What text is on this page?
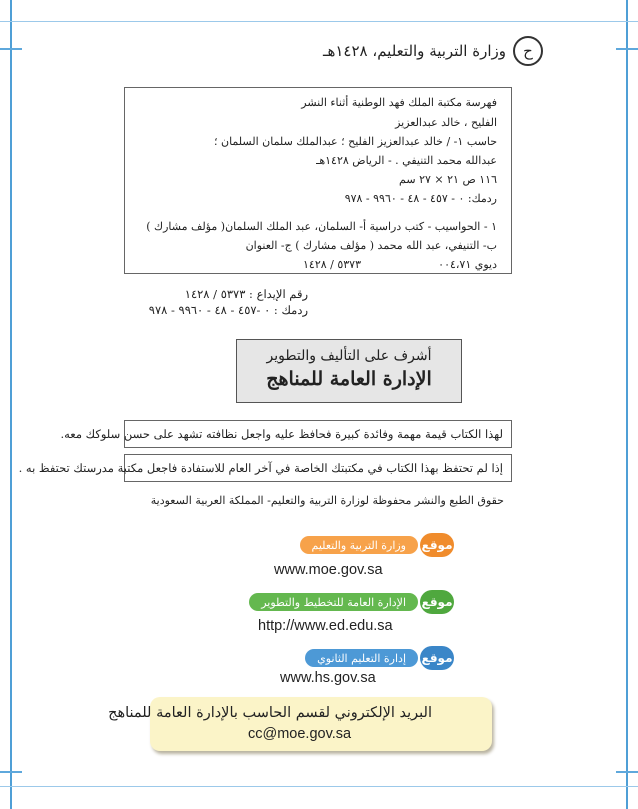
وزارة التربية والتعليم، ١٤٢٨هـ	ح
فهرسة مكتبة الملك فهد الوطنية أثناء النشر
الفليح ، خالد عبدالعزيز
حاسب ١- / خالد عبدالعزيز الفليح ؛ عبدالملك سلمان السلمان ؛
عبدالله محمد التنيفي . - الرياض ١٤٢٨هـ
١١٦ ص ٢١ × ٢٧ سم
ردمك: ٠ - ٤٥٧ - ٤٨ - ٩٩٦٠ - ٩٧٨
١ - الحواسيب - كتب دراسية أ- السلمان، عبد الملك السلمان( مؤلف مشارك )
ب- التنيفي، عبد الله محمد ( مؤلف مشارك ) ج- العنوان
ديوي ٠٠٤،٧١
٥٣٧٣ / ١٤٢٨
رقم الإيداع : ٥٣٧٣ / ١٤٢٨
ردمك : ٠ -٤٥٧ - ٤٨ - ٩٩٦٠ - ٩٧٨
أشرف على التأليف والتطوير
الإدارة العامة للمناهج
لهذا الكتاب قيمة مهمة وفائدة كبيرة فحافظ عليه واجعل نظافته تشهد على حسن سلوكك معه.
إذا لم تحتفظ بهذا الكتاب في مكتبتك الخاصة في آخر العام للاستفادة فاجعل مكتبة مدرستك تحتفظ به .
حقوق الطبع والنشر محفوظة لوزارة التربية والتعليم- المملكة العربية السعودية
موقع
وزارة التربية والتعليم
www.moe.gov.sa
موقع
الإدارة العامة للتخطيط والتطوير
http://www.ed.edu.sa
موقع
إدارة التعليم الثانوي
www.hs.gov.sa
البريد الإلكتروني لقسم الحاسب بالإدارة العامة للمناهج
cc@moe.gov.sa
